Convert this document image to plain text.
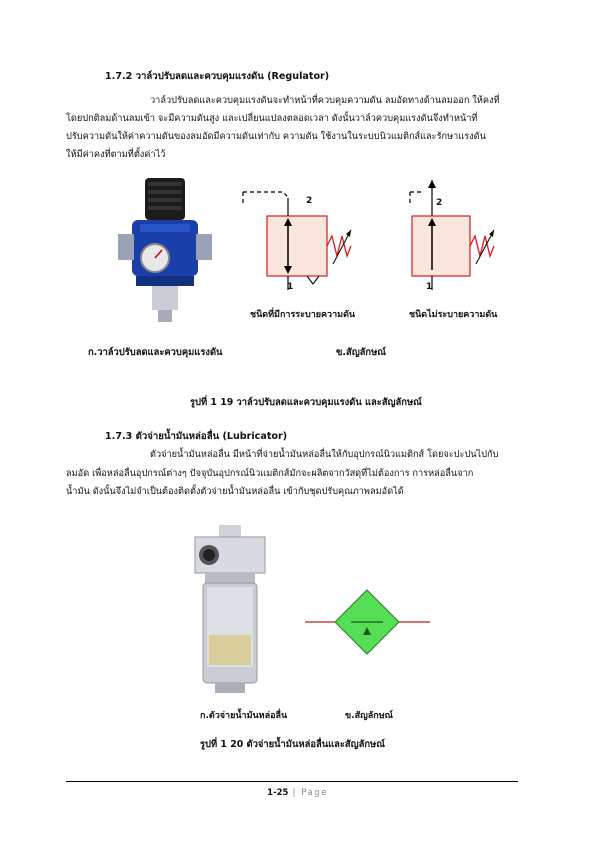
1.7.2 วาล์วปรับลดและควบคุมแรงดัน (Regulator)
วาล์วปรับลดและควบคุมแรงดันจะทำหน้าที่ควบคุมความดัน ลมอัดทางด้านลมออก ให้คงที่
โดยปกติลมด้านลมเข้า จะมีความดันสูง และเปลี่ยนแปลงตลอดเวลา ดังนั้นวาล์วควบคุมแรงดันจึงทำหน้าที่
ปรับความดันให้ค่าความดันของลมอัดมีความดันเท่ากับ ความดัน ใช้งานในระบบนิวแมติกส์และรักษาแรงดัน
ให้มีค่าคงที่ตามที่ตั้งค่าไว้
2
1
2
1
ชนิดที่มีการระบายความดัน	ชนิดไม่ระบายความดัน
ก.วาล์วปรับลดและควบคุมแรงดัน	ข.สัญลักษณ์
รูปที่ 1 19 วาล์วปรับลดและควบคุมแรงดัน และสัญลักษณ์
1.7.3 ตัวจ่ายน้ำมันหล่อลื่น (Lubricator)
ตัวจ่ายน้ำมันหล่อลื่น มีหน้าที่จ่ายน้ำมันหล่อลื่นให้กับอุปกรณ์นิวแมติกส์ โดยจะปะปนไปกับ
ลมอัด เพื่อหล่อลื่นอุปกรณ์ต่างๆ ปัจจุบันอุปกรณ์นิวแมติกส์มักจะผลิตจากวัสดุที่ไม่ต้องการ การหล่อลื่นจาก
น้ำมัน ดังนั้นจึงไม่จำเป็นต้องติดตั้งตัวจ่ายน้ำมันหล่อลื่น เข้ากับชุดปรับคุณภาพลมอัดได้
ก.ตัวจ่ายน้ำมันหล่อลื่น	ข.สัญลักษณ์
รูปที่ 1 20 ตัวจ่ายน้ำมันหล่อลื่นและสัญลักษณ์
1-25 | Page
